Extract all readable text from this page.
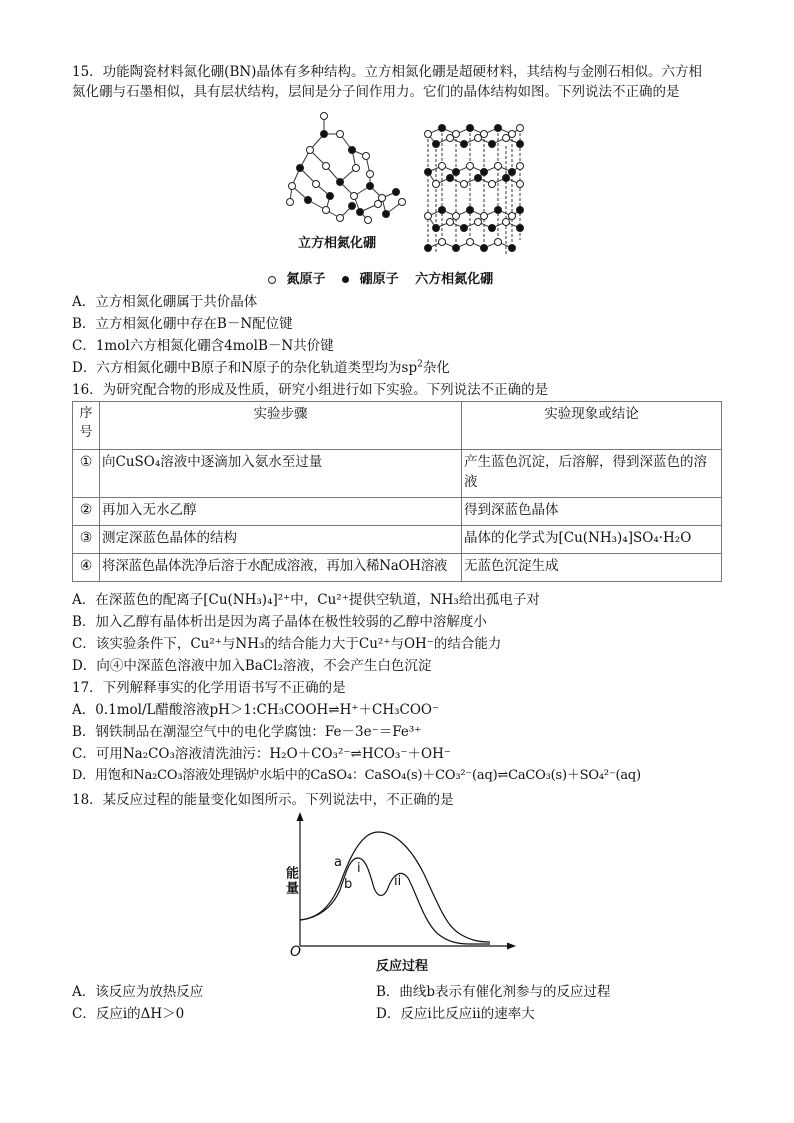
15．功能陶瓷材料氮化硼(BN)晶体有多种结构。立方相氮化硼是超硬材料，其结构与金刚石相似。六方相
氮化硼与石墨相似，具有层状结构，层间是分子间作用力。它们的晶体结构如图。下列说法不正确的是
立方相氮化硼
氮原子	硼原子 六方相氮化硼
A．立方相氮化硼属于共价晶体
B．立方相氮化硼中存在B－N配位键
C．1mol六方相氮化硼含4molB－N共价键
D．六方相氮化硼中B原子和N原子的杂化轨道类型均为$sp^2$杂化
16．为研究配合物的形成及性质，研究小组进行如下实验。下列说法不正确的是
序号	实验步骤	实验现象或结论
①	向CuSO₄溶液中逐滴加入氨水至过量	产生蓝色沉淀，后溶解，得到深蓝色的溶液
②	再加入无水乙醇	得到深蓝色晶体
③	测定深蓝色晶体的结构	晶体的化学式为[Cu(NH₃)₄]SO₄·H₂O
④	将深蓝色晶体洗净后溶于水配成溶液，再加入稀NaOH溶液	无蓝色沉淀生成
A．在深蓝色的配离子[Cu(NH₃)₄]²⁺中，Cu²⁺提供空轨道，NH₃给出孤电子对
B．加入乙醇有晶体析出是因为离子晶体在极性较弱的乙醇中溶解度小
C．该实验条件下，Cu²⁺与NH₃的结合能力大于Cu²⁺与OH⁻的结合能力
D．向④中深蓝色溶液中加入BaCl₂溶液，不会产生白色沉淀
17．下列解释事实的化学用语书写不正确的是
A．0.1mol/L醋酸溶液pH＞1:CH₃COOH⇌H⁺＋CH₃COO⁻
B．钢铁制品在潮湿空气中的电化学腐蚀：Fe－3e⁻＝Fe³⁺
C．可用Na₂CO₃溶液清洗油污：H₂O＋CO₃²⁻⇌HCO₃⁻＋OH⁻
D．用饱和Na₂CO₃溶液处理锅炉水垢中的CaSO₄：CaSO₄(s)＋CO₃²⁻(aq)⇌CaCO₃(s)＋SO₄²⁻(aq)
18．某反应过程的能量变化如图所示。下列说法中，不正确的是
能量
O
反应过程
a
b
i
ii
A．该反应为放热反应	B．曲线b表示有催化剂参与的反应过程
C．反应ⅰ的ΔH＞0	D．反应ⅰ比反应ⅱ的速率大
